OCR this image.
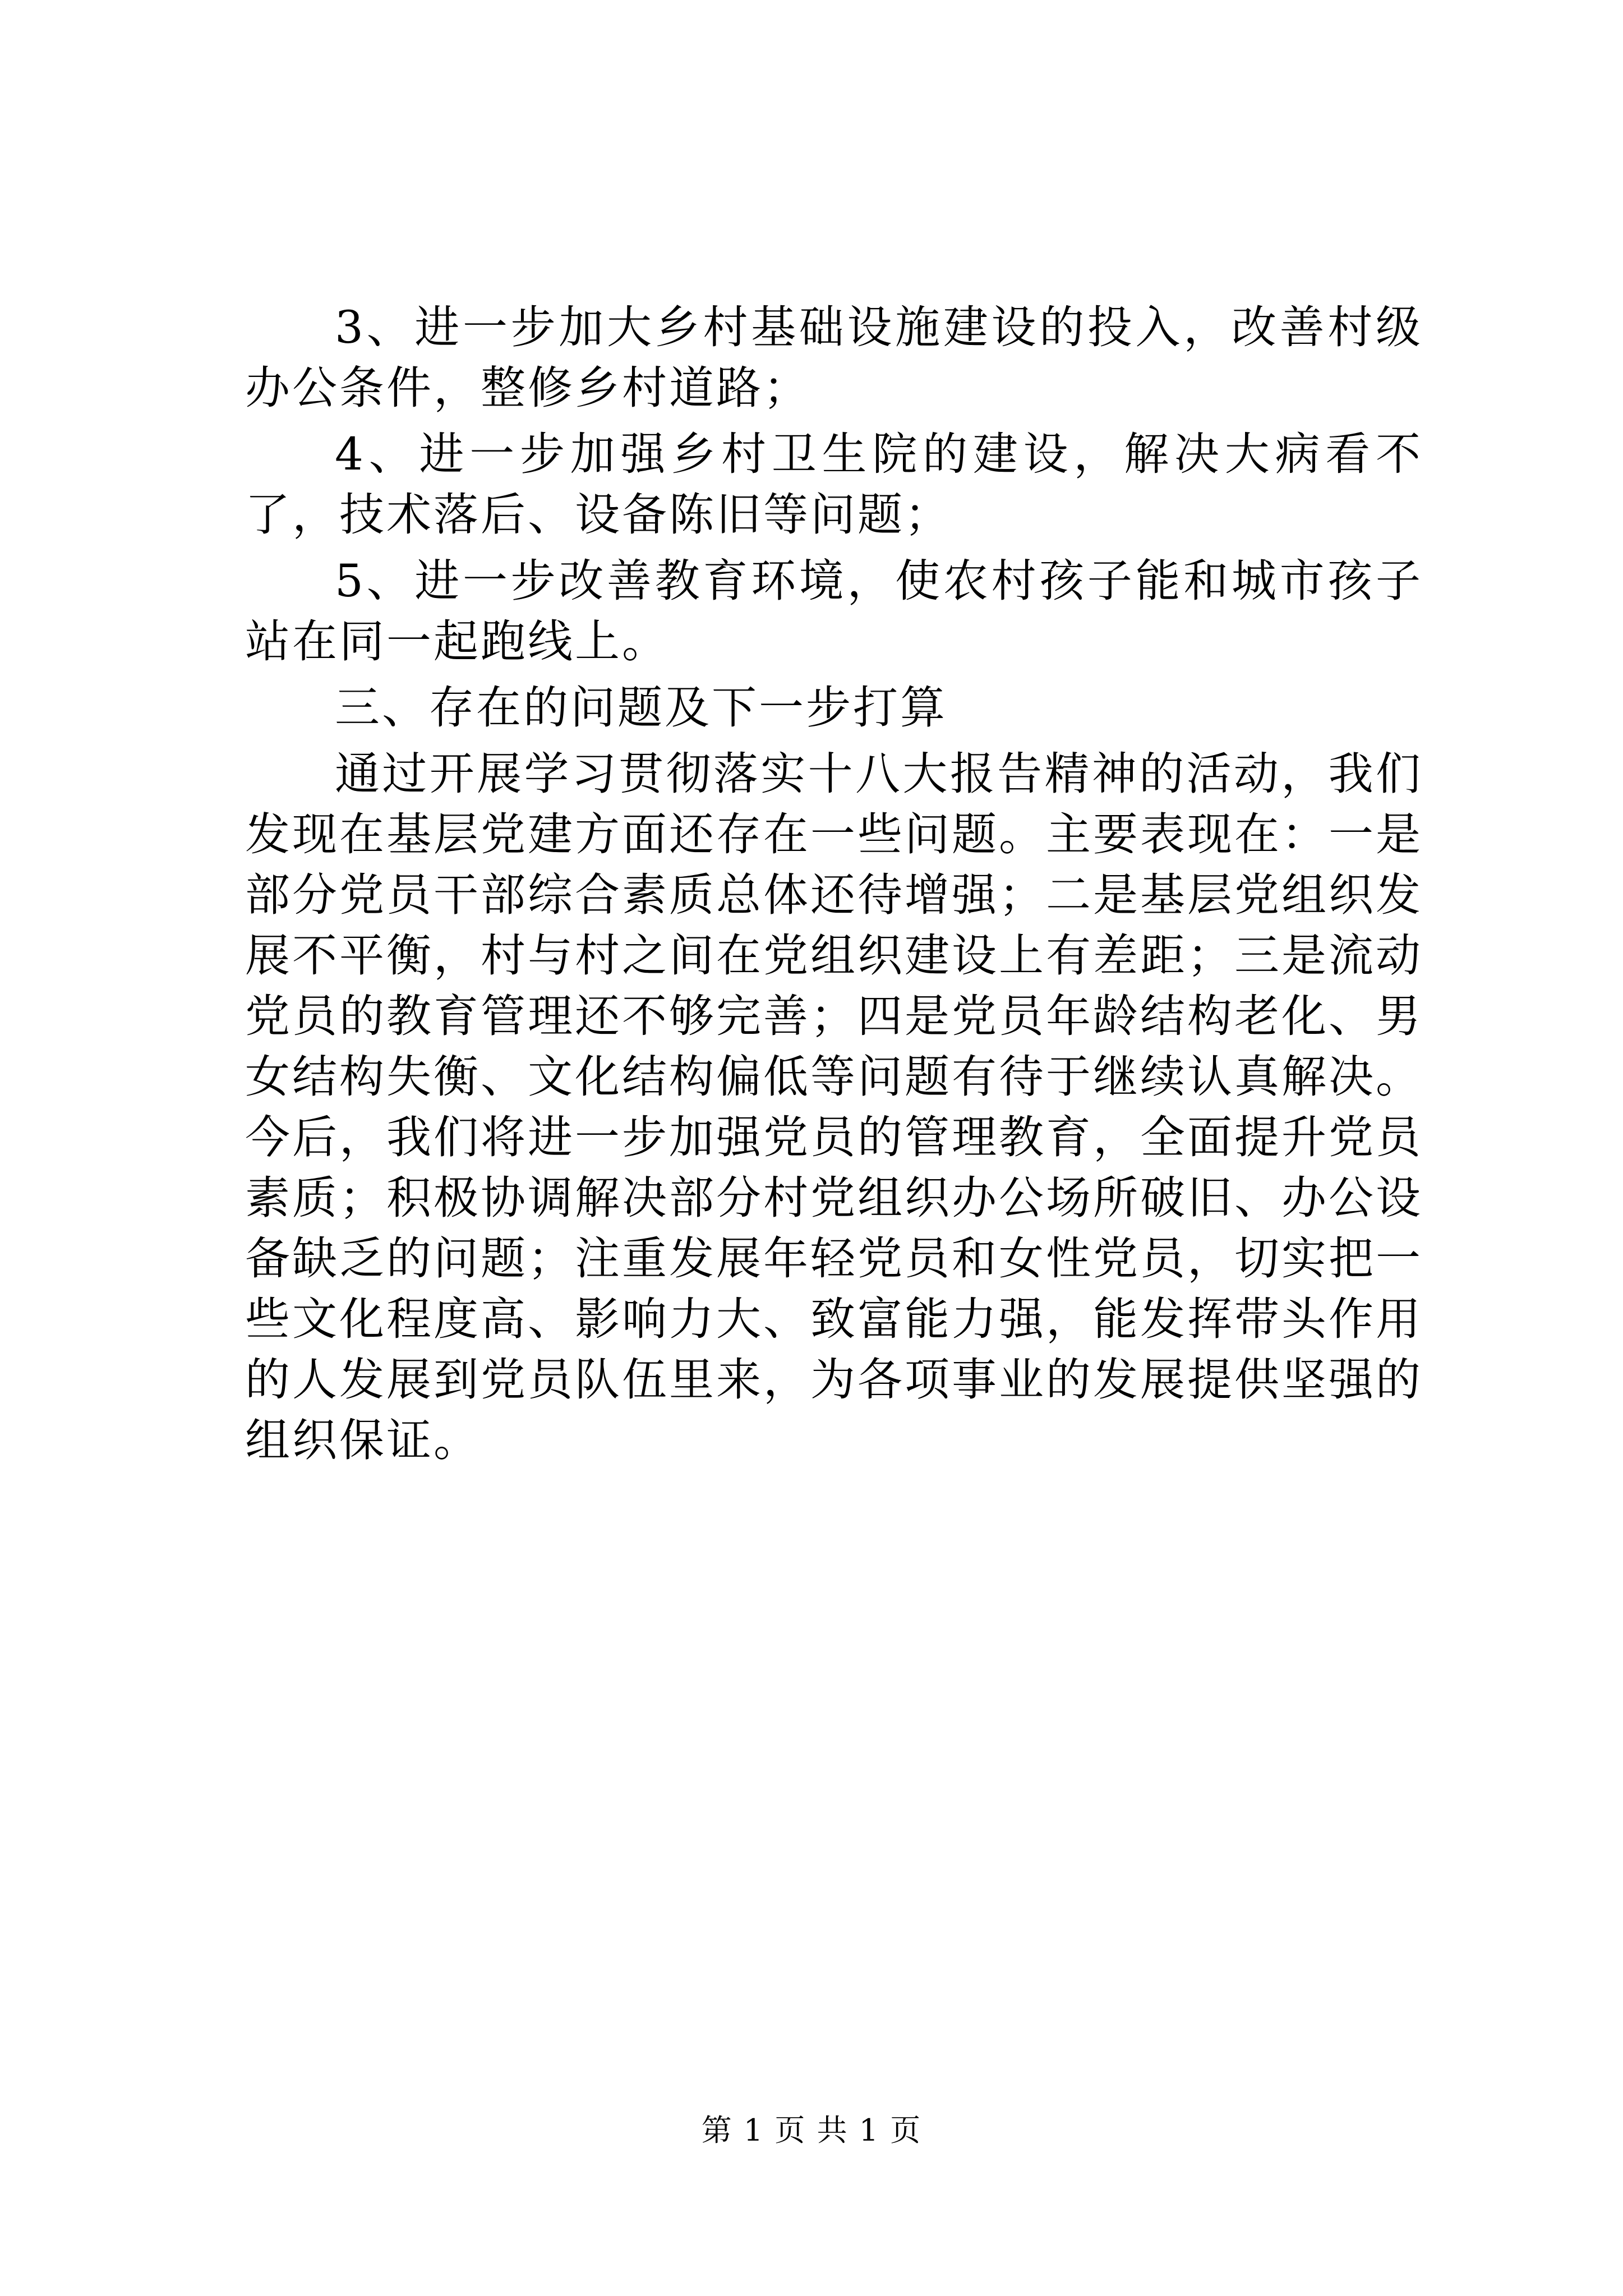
3、进一步加大乡村基础设施建设的投入，改善村级办公条件，整修乡村道路；

4、进一步加强乡村卫生院的建设，解决大病看不了，技术落后、设备陈旧等问题；

5、进一步改善教育环境，使农村孩子能和城市孩子站在同一起跑线上。

三、存在的问题及下一步打算

通过开展学习贯彻落实十八大报告精神的活动，我们发现在基层党建方面还存在一些问题。主要表现在：一是部分党员干部综合素质总体还待增强；二是基层党组织发展不平衡，村与村之间在党组织建设上有差距；三是流动党员的教育管理还不够完善；四是党员年龄结构老化、男女结构失衡、文化结构偏低等问题有待于继续认真解决。今后，我们将进一步加强党员的管理教育，全面提升党员素质；积极协调解决部分村党组织办公场所破旧、办公设备缺乏的问题；注重发展年轻党员和女性党员，切实把一些文化程度高、影响力大、致富能力强，能发挥带头作用的人发展到党员队伍里来，为各项事业的发展提供坚强的组织保证。

第 1 页 共 1 页
